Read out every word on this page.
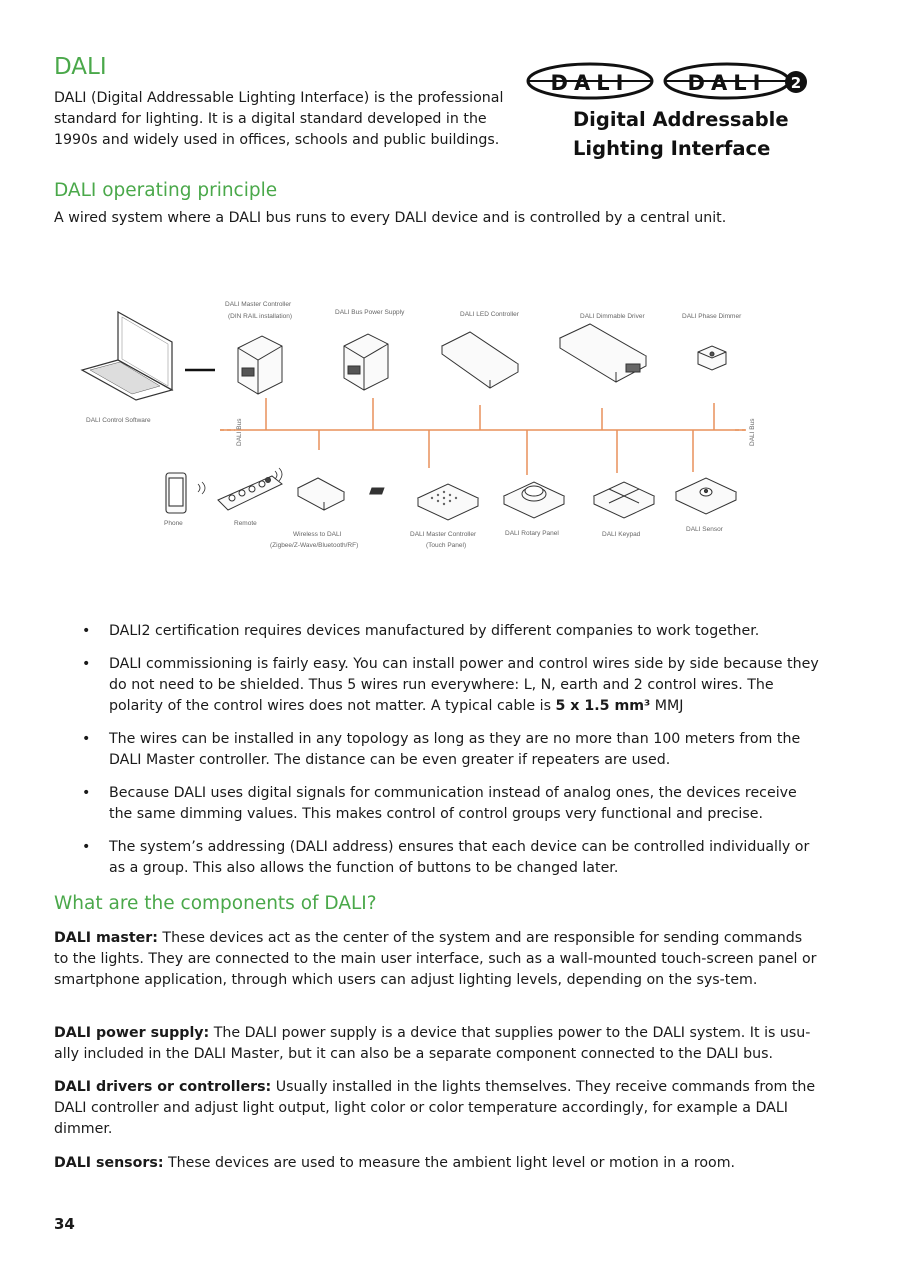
DALI

DALI (Digital Addressable Lighting Interface) is the professional standard for lighting. It is a digital standard developed in the 1990s and widely used in offices, schools and public buildings.

DALI	DALI 2
Digital Addressable
Lighting Interface
DALI operating principle

A wired system where a DALI bus runs to every DALI device and is controlled by a central unit.

DALI Bus	DALI Bus
DALI Control Software
DALI Master Controller
(DIN RAIL installation)
DALI Bus Power Supply	DALI LED Controller	DALI Dimmable Driver	DALI Phase Dimmer
Phone	Remote
Wireless to DALI
(Zigbee/Z-Wave/Bluetooth/RF)
DALI Master Controller
(Touch Panel)
DALI Rotary Panel	DALI Keypad
DALI Sensor
• DALI2 certification requires devices manufactured by different companies to work together.
• DALI commissioning is fairly easy. You can install power and control wires side by side because they do not need to be shielded. Thus 5 wires run everywhere: L, N, earth and 2 control wires. The polarity of the control wires does not matter. A typical cable is 5 x 1.5 mm³ MMJ
• The wires can be installed in any topology as long as they are no more than 100 meters from the DALI Master controller. The distance can be even greater if repeaters are used.
• Because DALI uses digital signals for communication instead of analog ones, the devices receive the same dimming values. This makes control of control groups very functional and precise.
• The system’s addressing (DALI address) ensures that each device can be controlled individually or as a group. This also allows the function of buttons to be changed later.
What are the components of DALI?

DALI master: These devices act as the center of the system and are responsible for sending commands to the lights. They are connected to the main user interface, such as a wall-mounted touch-screen panel or smartphone application, through which users can adjust lighting levels, depending on the sys-tem.

DALI power supply: The DALI power supply is a device that supplies power to the DALI system. It is usu-ally included in the DALI Master, but it can also be a separate component connected to the DALI bus.

DALI drivers or controllers: Usually installed in the lights themselves. They receive commands from the DALI controller and adjust light output, light color or color temperature accordingly, for example a DALI dimmer.

DALI sensors: These devices are used to measure the ambient light level or motion in a room.

34
